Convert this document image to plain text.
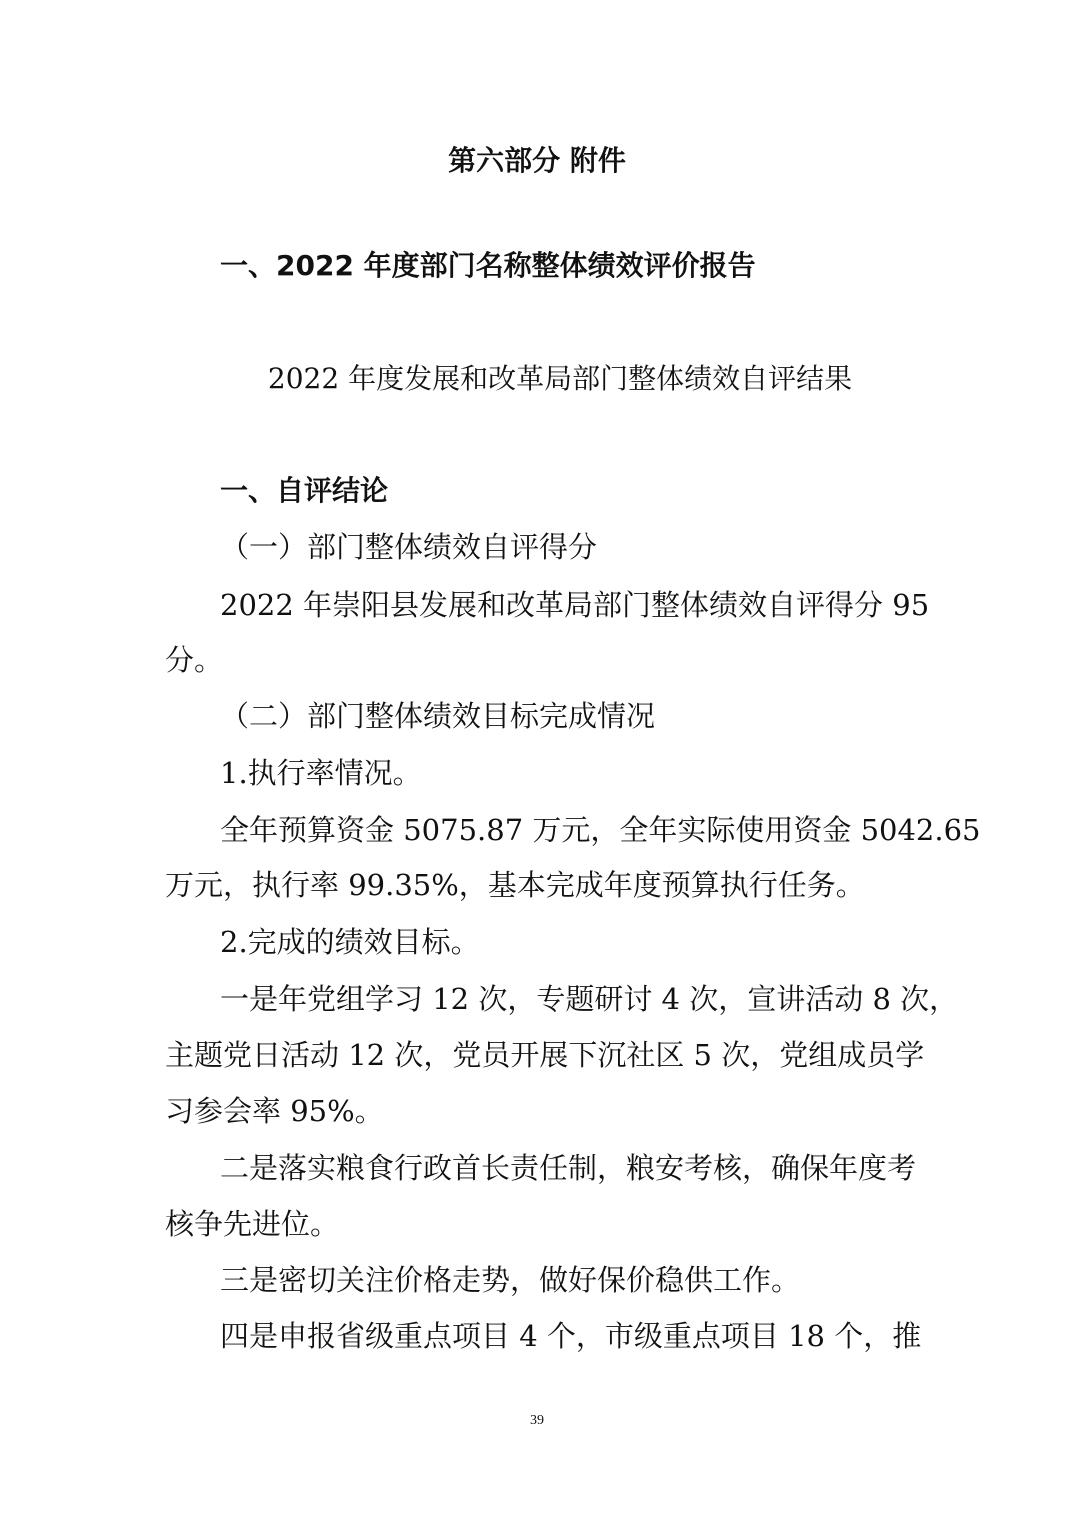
第六部分 附件
一、2022 年度部门名称整体绩效评价报告
2022 年度发展和改革局部门整体绩效自评结果
一、自评结论
（一）部门整体绩效自评得分
2022 年崇阳县发展和改革局部门整体绩效自评得分 95
分。
（二）部门整体绩效目标完成情况
1.执行率情况。
全年预算资金 5075.87 万元，全年实际使用资金 5042.65
万元，执行率 99.35%，基本完成年度预算执行任务。
2.完成的绩效目标。
一是年党组学习 12 次，专题研讨 4 次，宣讲活动 8 次，
主题党日活动 12 次，党员开展下沉社区 5 次，党组成员学
习参会率 95%。
二是落实粮食行政首长责任制，粮安考核，确保年度考
核争先进位。
三是密切关注价格走势，做好保价稳供工作。
四是申报省级重点项目 4 个，市级重点项目 18 个，推
39
